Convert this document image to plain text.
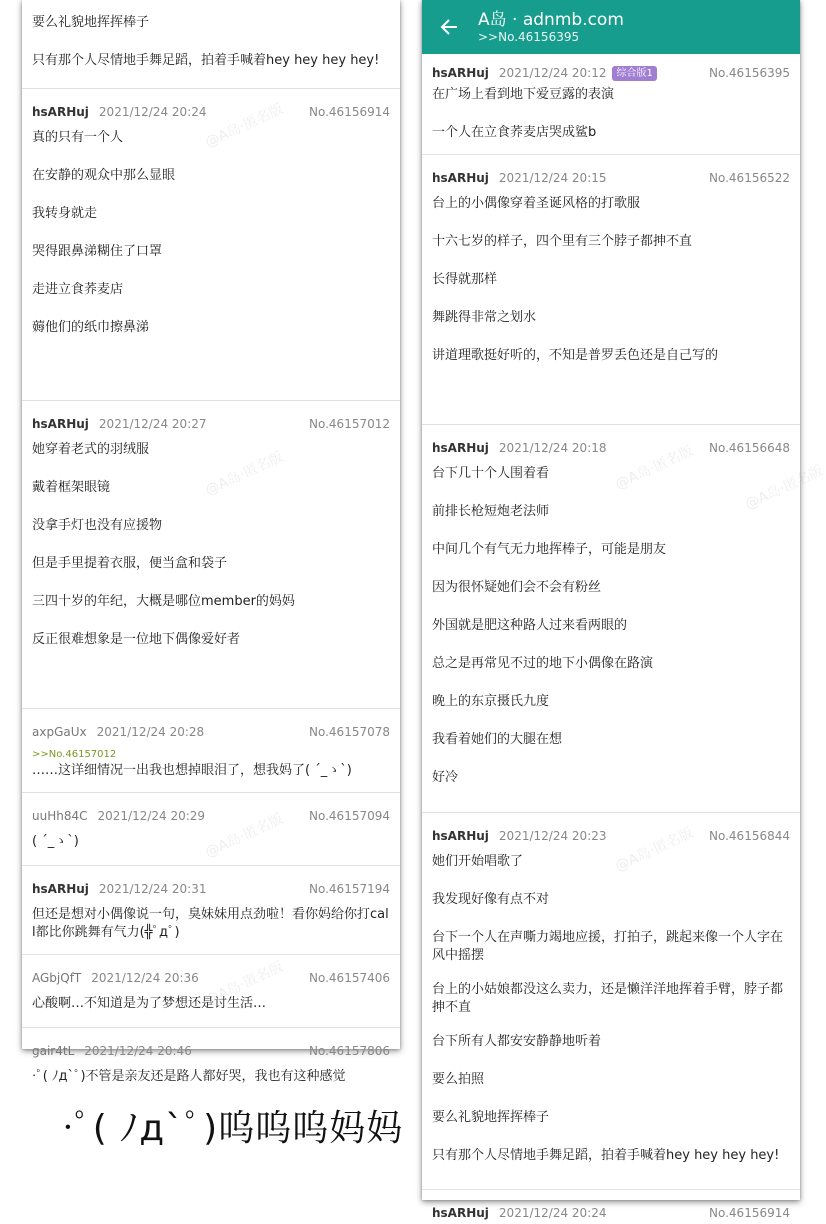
要么礼貌地挥挥棒子
只有那个人尽情地手舞足蹈，拍着手喊着hey hey hey hey!
hsARHuj 2021/12/24 20:24	No.46156914
真的只有一个人
在安静的观众中那么显眼
我转身就走
哭得跟鼻涕糊住了口罩
走进立食荞麦店
薅他们的纸巾擦鼻涕
@A岛·匿名版
hsARHuj 2021/12/24 20:27	No.46157012
她穿着老式的羽绒服
戴着框架眼镜
没拿手灯也没有应援物
但是手里提着衣服，便当盒和袋子
三四十岁的年纪，大概是哪位member的妈妈
反正很难想象是一位地下偶像爱好者
@A岛·匿名版
axpGaUx 2021/12/24 20:28	No.46157078
>>No.46157012
……这详细情况一出我也想掉眼泪了，想我妈了( ´_ゝ`)
uuHh84C 2021/12/24 20:29	No.46157094
( ´_ゝ`)	@A岛·匿名版
hsARHuj 2021/12/24 20:31	No.46157194
但还是想对小偶像说一句，臭妹妹用点劲啦！看你妈给你打call都比你跳舞有气力(╬ﾟдﾟ)
AGbjQfT 2021/12/24 20:36	No.46157406
心酸啊…不知道是为了梦想还是讨生活…
@A岛·匿名版
gair4tL 2021/12/24 20:46	No.46157806
·ﾟ( ﾉд`ﾟ)不管是亲友还是路人都好哭，我也有这种感觉
A岛 · adnmb.com
>>No.46156395
hsARHuj 2021/12/24 20:12	综合版1	No.46156395
在广场上看到地下爱豆露的表演
一个人在立食荞麦店哭成鲨b
hsARHuj 2021/12/24 20:15	No.46156522
台上的小偶像穿着圣诞风格的打歌服
十六七岁的样子，四个里有三个脖子都抻不直
长得就那样
舞跳得非常之划水
讲道理歌挺好听的，不知是普罗丢色还是自己写的
hsARHuj 2021/12/24 20:18	No.46156648
台下几十个人围着看
前排长枪短炮老法师
中间几个有气无力地挥棒子，可能是朋友
因为很怀疑她们会不会有粉丝
外国就是肥这种路人过来看两眼的
总之是再常见不过的地下小偶像在路演
晚上的东京摄氏九度
我看着她们的大腿在想
好冷
@A岛·匿名版	@A岛·匿名版
hsARHuj 2021/12/24 20:23	No.46156844
她们开始唱歌了
我发现好像有点不对
台下一个人在声嘶力竭地应援，打拍子，跳起来像一个人字在风中摇摆
台上的小姑娘都没这么卖力，还是懒洋洋地挥着手臂，脖子都抻不直
台下所有人都安安静静地听着
要么拍照
要么礼貌地挥挥棒子
只有那个人尽情地手舞足蹈，拍着手喊着hey hey hey hey!
@A岛·匿名版
hsARHuj 2021/12/24 20:24	No.46156914
·ﾟ( ﾉд`ﾟ)呜呜呜妈妈
